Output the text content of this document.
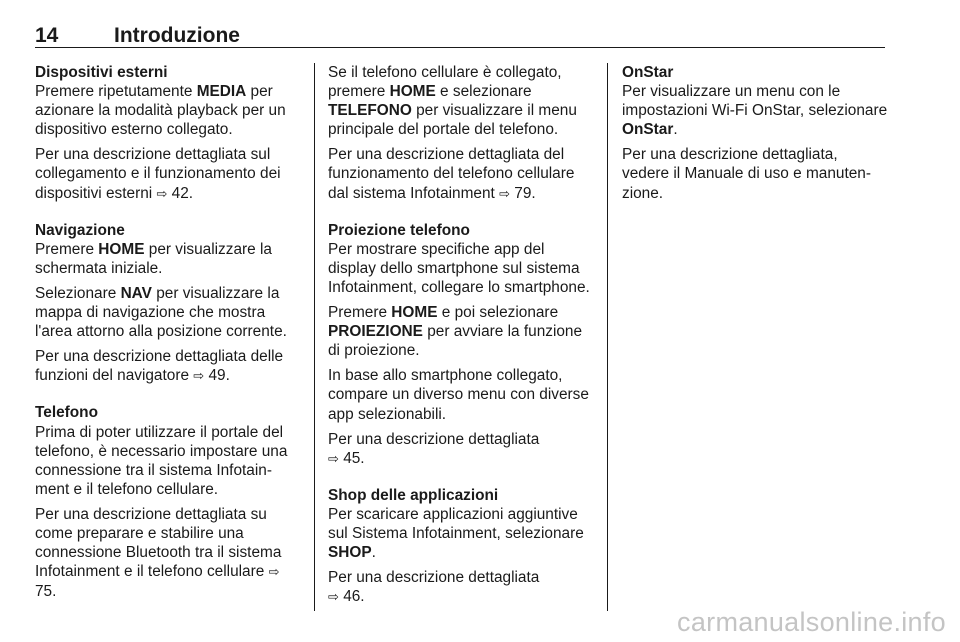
14	Introduzione
Dispositivi esterni

Premere ripetutamente MEDIA per azionare la modalità playback per un dispositivo esterno collegato.

Per una descrizione dettagliata sul collegamento e il funzionamento dei dispositivi esterni ⇨ 42.

Navigazione

Premere HOME per visualizzare la schermata iniziale.

Selezionare NAV per visualizzare la mappa di navigazione che mostra l'area attorno alla posizione corrente.

Per una descrizione dettagliata delle funzioni del navigatore ⇨ 49.

Telefono

Prima di poter utilizzare il portale del telefono, è necessario impostare una connessione tra il sistema Infotainment e il telefono cellulare.

Per una descrizione dettagliata su come preparare e stabilire una connessione Bluetooth tra il sistema Infotainment e il telefono cellulare ⇨ 75.

Se il telefono cellulare è collegato, premere HOME e selezionare TELEFONO per visualizzare il menu principale del portale del telefono.

Per una descrizione dettagliata del funzionamento del telefono cellulare dal sistema Infotainment ⇨ 79.

Proiezione telefono

Per mostrare specifiche app del display dello smartphone sul sistema Infotainment, collegare lo smartphone.

Premere HOME e poi selezionare PROIEZIONE per avviare la funzione di proiezione.

In base allo smartphone collegato, compare un diverso menu con diverse app selezionabili.

Per una descrizione dettagliata
⇨ 45.

Shop delle applicazioni

Per scaricare applicazioni aggiuntive sul Sistema Infotainment, selezionare SHOP.

Per una descrizione dettagliata
⇨ 46.

OnStar

Per visualizzare un menu con le impostazioni Wi-Fi OnStar, selezionare OnStar.

Per una descrizione dettagliata, vedere il Manuale di uso e manutenzione.

carmanualsonline.info
